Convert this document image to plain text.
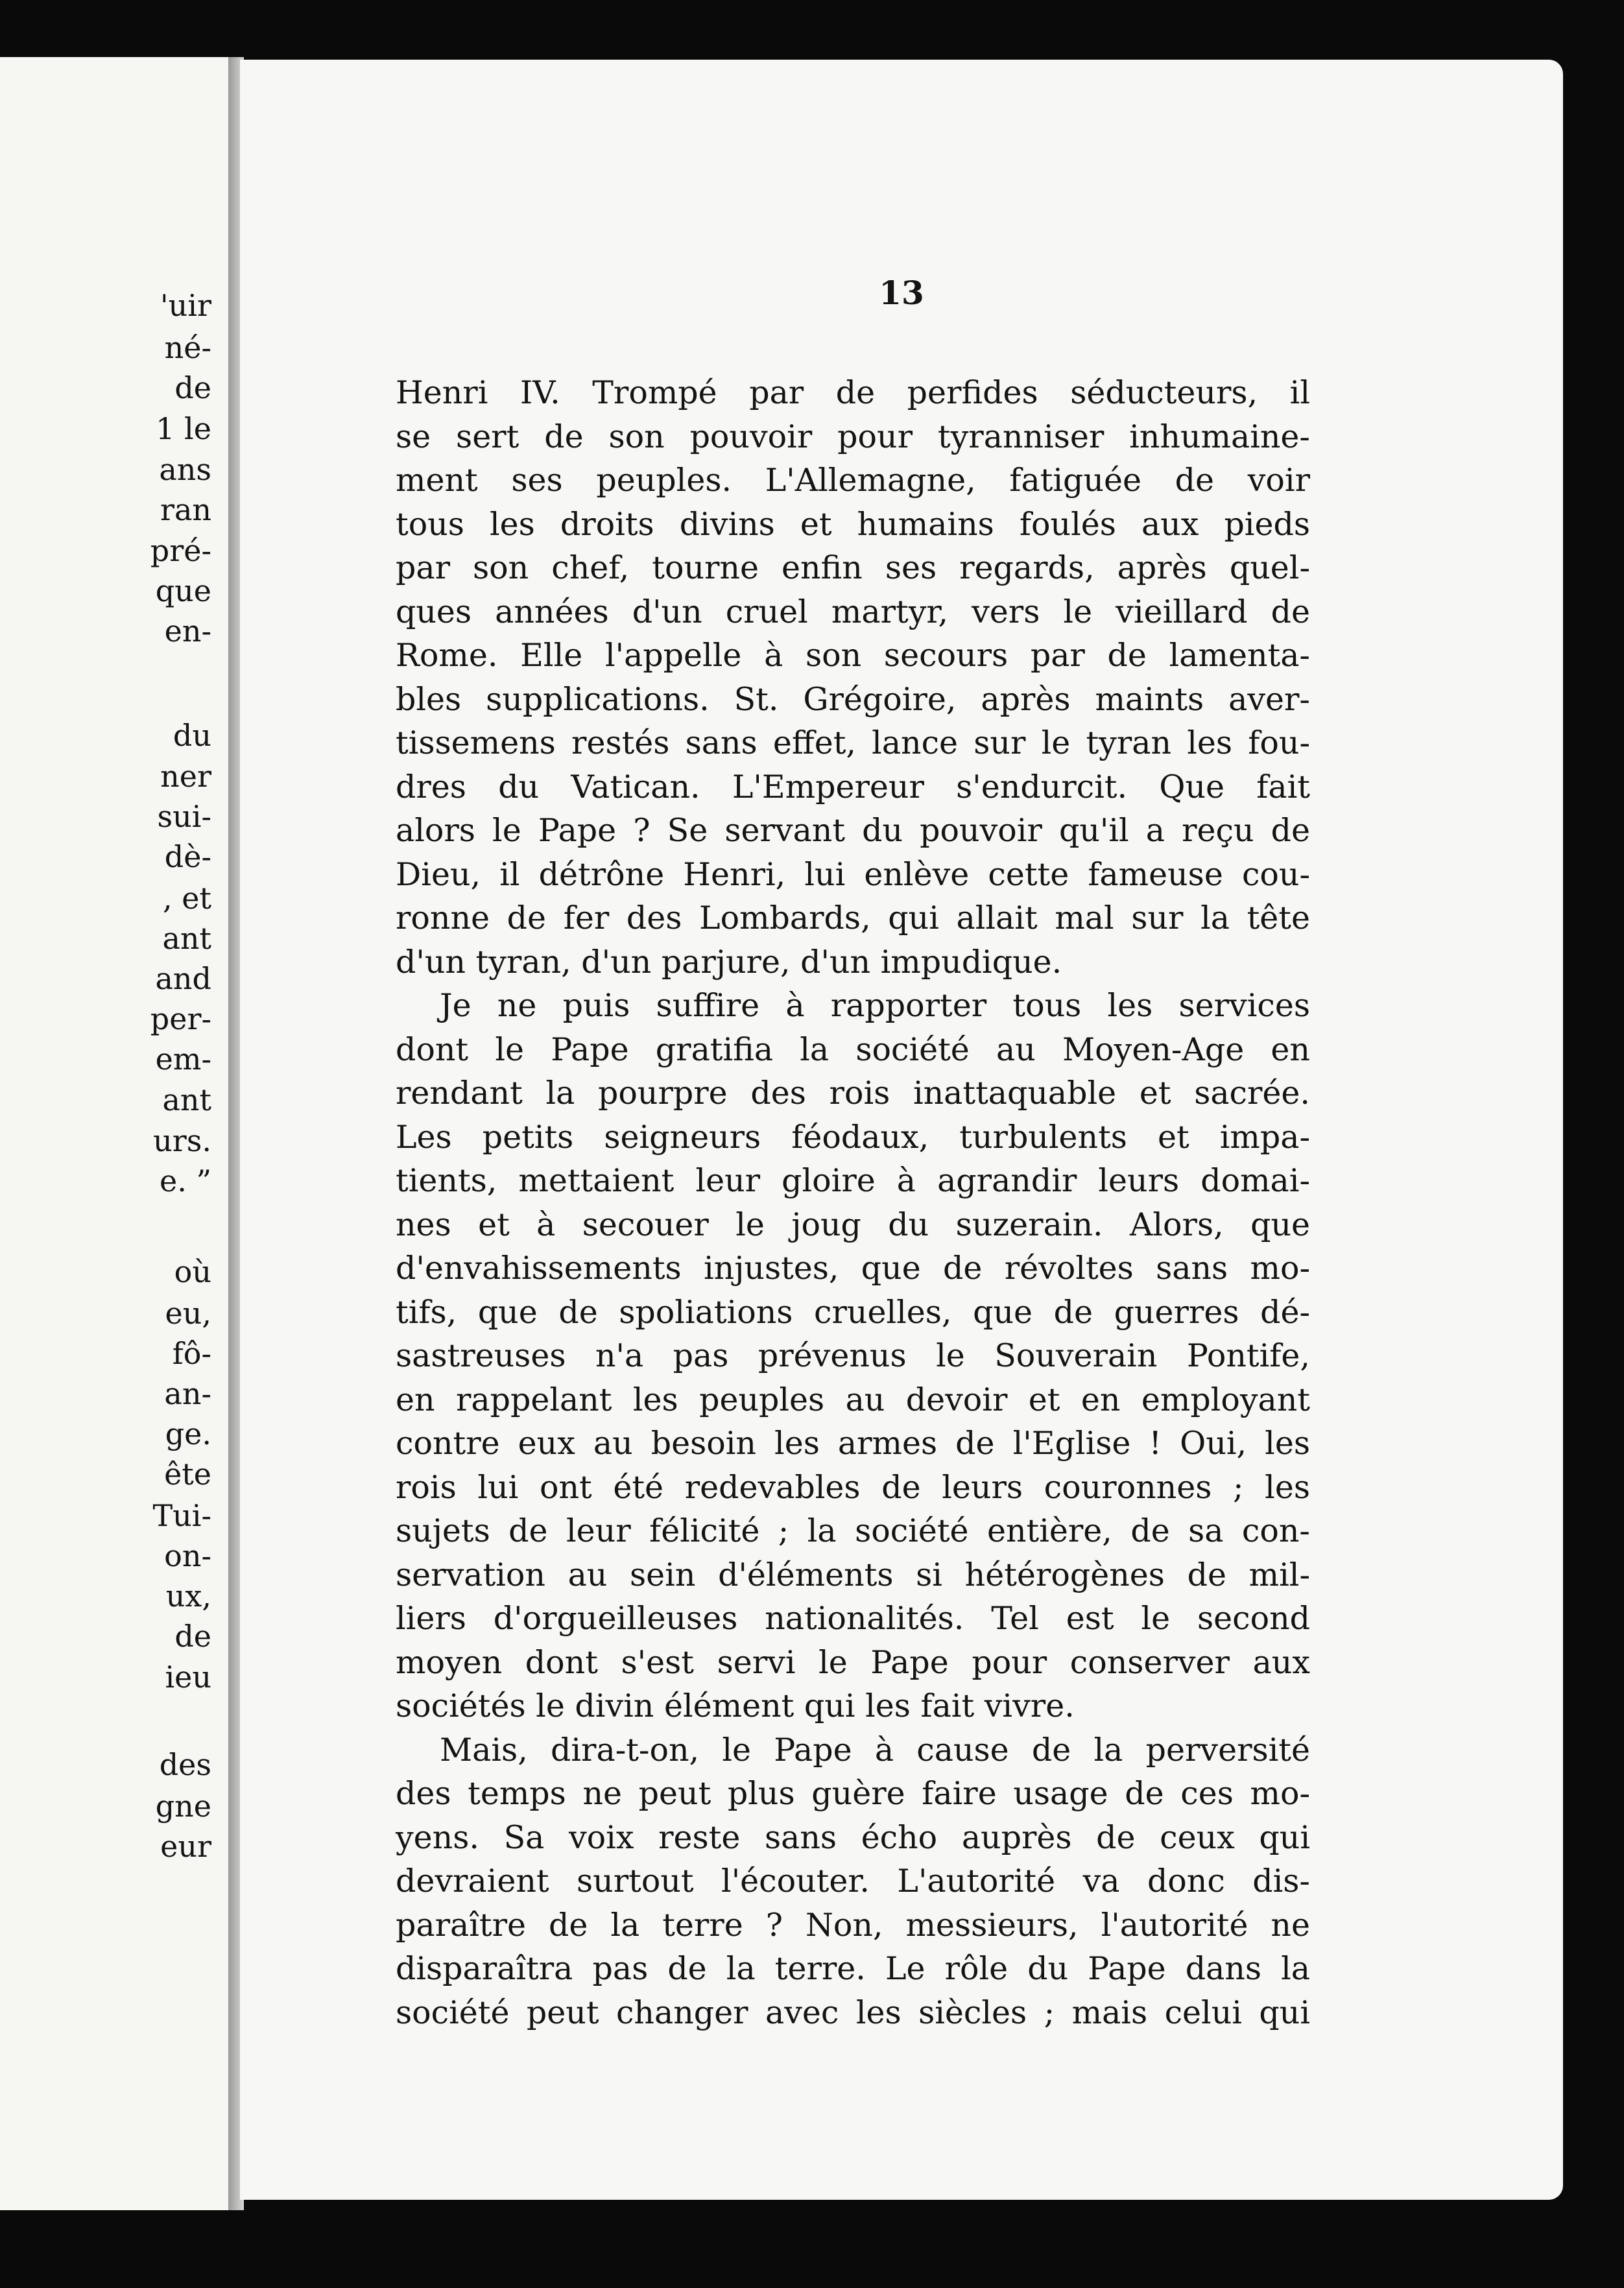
'uir

né-

de

1 le

ans

ran

pré-

que

en-

du

ner

sui-

dè-

, et

ant

and

per-

em-

ant

urs.

e. ”

où

eu,

fô-

an-

ge.

ête

Tui-

on-

ux,

de

ieu

des

gne

eur

13

Henri IV. Trompé par de perfides séducteurs, il
se sert de son pouvoir pour tyranniser inhumaine-
ment ses peuples. L'Allemagne, fatiguée de voir
tous les droits divins et humains foulés aux pieds
par son chef, tourne enfin ses regards, après quel-
ques années d'un cruel martyr, vers le vieillard de
Rome. Elle l'appelle à son secours par de lamenta-
bles supplications. St. Grégoire, après maints aver-
tissemens restés sans effet, lance sur le tyran les fou-
dres du Vatican. L'Empereur s'endurcit. Que fait
alors le Pape ? Se servant du pouvoir qu'il a reçu de
Dieu, il détrône Henri, lui enlève cette fameuse cou-
ronne de fer des Lombards, qui allait mal sur la tête
d'un tyran, d'un parjure, d'un impudique.
Je ne puis suffire à rapporter tous les services
dont le Pape gratifia la société au Moyen-Age en
rendant la pourpre des rois inattaquable et sacrée.
Les petits seigneurs féodaux, turbulents et impa-
tients, mettaient leur gloire à agrandir leurs domai-
nes et à secouer le joug du suzerain. Alors, que
d'envahissements injustes, que de révoltes sans mo-
tifs, que de spoliations cruelles, que de guerres dé-
sastreuses n'a pas prévenus le Souverain Pontife,
en rappelant les peuples au devoir et en employant
contre eux au besoin les armes de l'Eglise ! Oui, les
rois lui ont été redevables de leurs couronnes ; les
sujets de leur félicité ; la société entière, de sa con-
servation au sein d'éléments si hétérogènes de mil-
liers d'orgueilleuses nationalités. Tel est le second
moyen dont s'est servi le Pape pour conserver aux
sociétés le divin élément qui les fait vivre.
Mais, dira-t-on, le Pape à cause de la perversité
des temps ne peut plus guère faire usage de ces mo-
yens. Sa voix reste sans écho auprès de ceux qui
devraient surtout l'écouter. L'autorité va donc dis-
paraître de la terre ? Non, messieurs, l'autorité ne
disparaîtra pas de la terre. Le rôle du Pape dans la
société peut changer avec les siècles ; mais celui qui
